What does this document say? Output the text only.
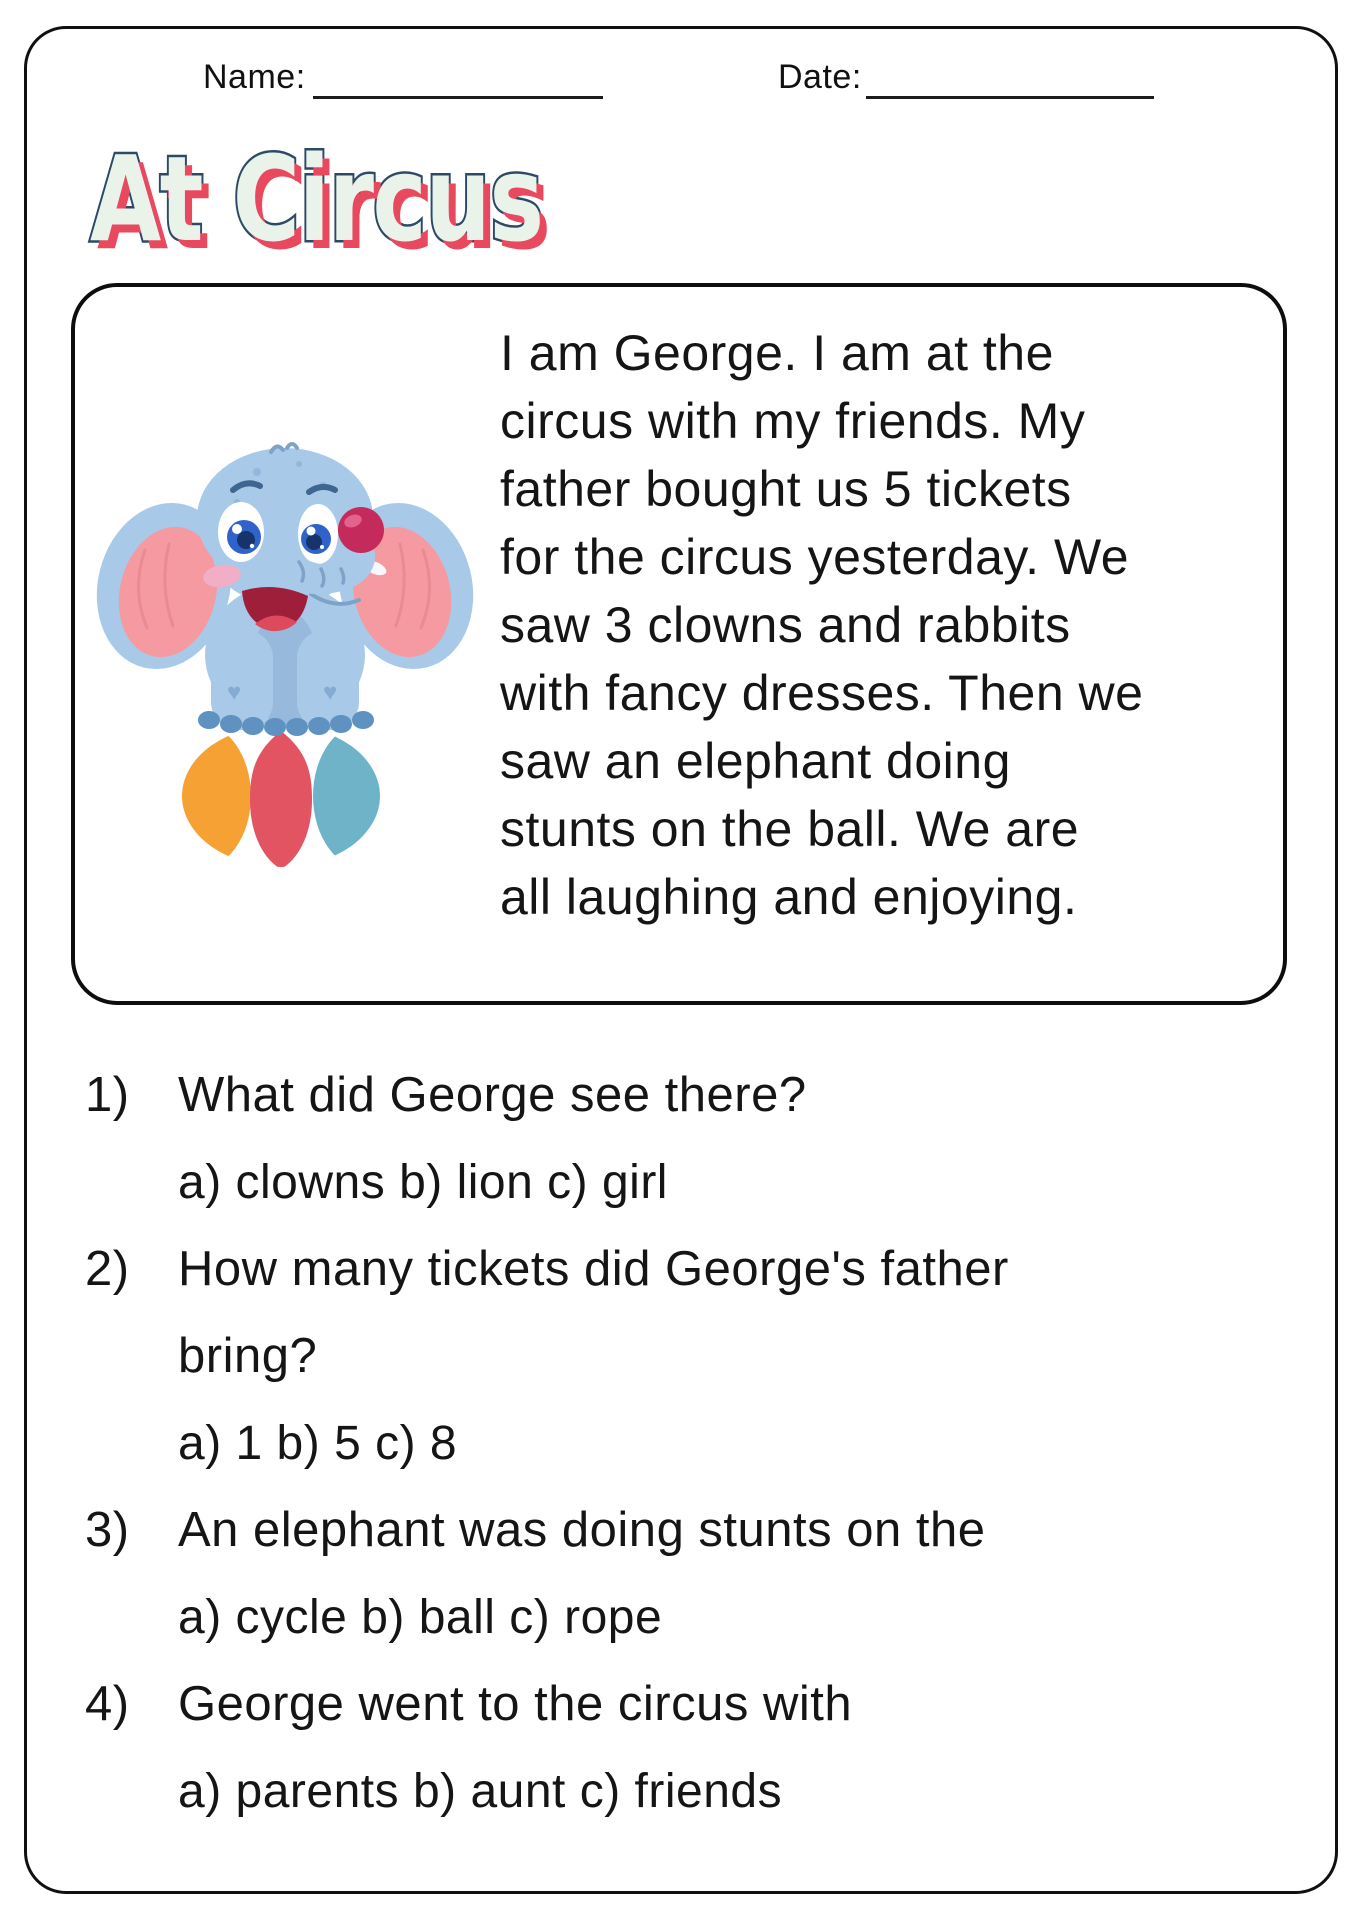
Name:	Date:
At Circus
I am George. I am at the
circus with my friends. My
father bought us 5 tickets
for the circus yesterday. We
saw 3 clowns and rabbits
with fancy dresses. Then we
saw an elephant doing
stunts on the ball. We are
all laughing and enjoying.
♥	♥
1) What did George see there?
a) clowns b) lion c) girl
2) How many tickets did George's father
bring?
a) 1 b) 5 c) 8
3) An elephant was doing stunts on the
a) cycle b) ball c) rope
4) George went to the circus with
a) parents b) aunt c) friends
